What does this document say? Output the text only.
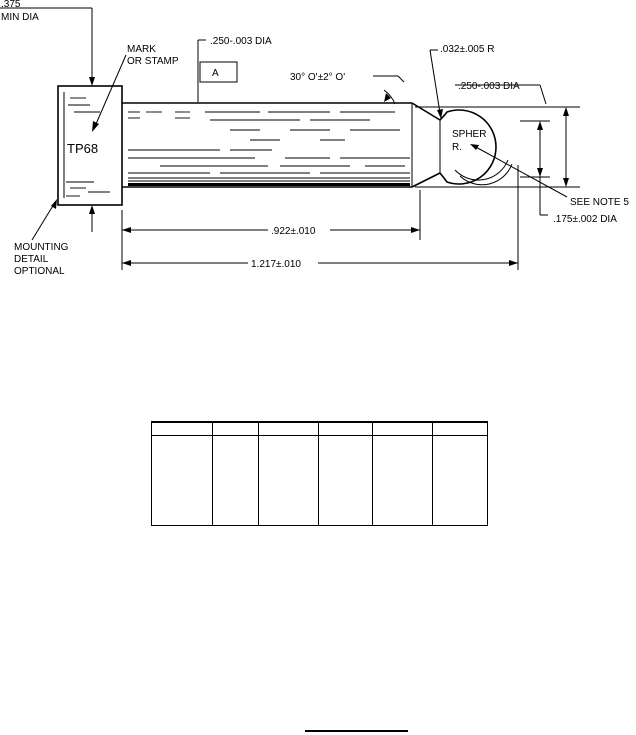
TP68
.375
MIN DIA
MARK
OR STAMP
.250-.003 DIA
A	30° O'±2° O'
.032±.005 R
.250-.003 DIA
SPHER
R.
SEE NOTE 5
.175±.002 DIA
MOUNTING
DETAIL
OPTIONAL
.922±.010
1.217±.010
